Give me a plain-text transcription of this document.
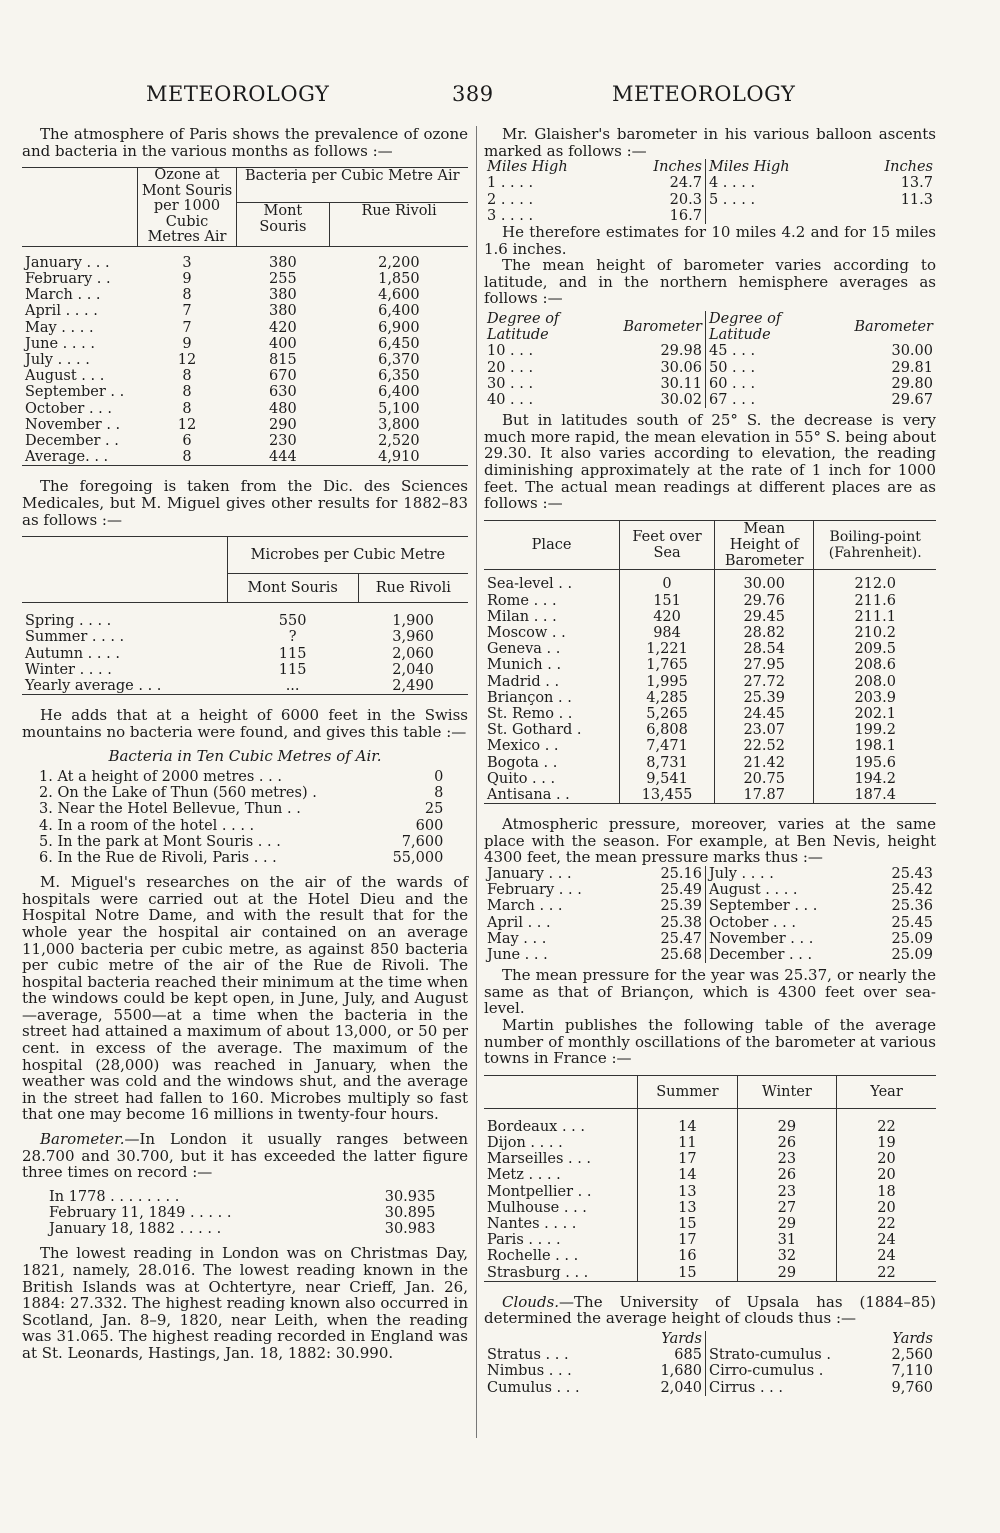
METEOROLOGY	389	METEOROLOGY

The atmosphere of Paris shows the prevalence of ozone and bacteria in the various months as follows :—

	Ozone at Mont Souris per 1000 Cubic Metres Air	Bacteria per Cubic Metre Air	
		Mont Souris	Rue Rivoli

January . . .	3	380	2,200
February . .	9	255	1,850
March . . .	8	380	4,600
April . . . .	7	380	6,400
May . . . .	7	420	6,900
June . . . .	9	400	6,450
July . . . .	12	815	6,370
August . . .	8	670	6,350
September . .	8	630	6,400
October . . .	8	480	5,100
November . .	12	290	3,800
December . .	6	230	2,520
Average. . .	8	444	4,910

The foregoing is taken from the Dic. des Sciences Medicales, but M. Miguel gives other results for 1882–83 as follows :—

	Microbes per Cubic Metre	
	Mont Souris	Rue Rivoli

Spring . . . .	550	1,900
Summer . . . .	?	3,960
Autumn . . . .	115	2,060
Winter . . . .	115	2,040
Yearly average . . .	...	2,490

He adds that at a height of 6000 feet in the Swiss mountains no bacteria were found, and gives this table :—

Bacteria in Ten Cubic Metres of Air.

1. At a height of 2000 metres . . .	0
2. On the Lake of Thun (560 metres) .	8
3. Near the Hotel Bellevue, Thun . .	25
4. In a room of the hotel . . . .	600
5. In the park at Mont Souris . . .	7,600
6. In the Rue de Rivoli, Paris . . .	55,000

M. Miguel's researches on the air of the wards of hospitals were carried out at the Hotel Dieu and the Hospital Notre Dame, and with the result that for the whole year the hospital air contained on an average 11,000 bacteria per cubic metre, as against 850 bacteria per cubic metre of the air of the Rue de Rivoli. The hospital bacteria reached their minimum at the time when the windows could be kept open, in June, July, and August—average, 5500—at a time when the bacteria in the street had attained a maximum of about 13,000, or 50 per cent. in excess of the average. The maximum of the hospital (28,000) was reached in January, when the weather was cold and the windows shut, and the average in the street had fallen to 160. Microbes multiply so fast that one may become 16 millions in twenty-four hours.

Barometer.—In London it usually ranges between 28.700 and 30.700, but it has exceeded the latter figure three times on record :—

In 1778 . . . . . . . .	30.935
February 11, 1849 . . . . .	30.895
January 18, 1882 . . . . .	30.983

The lowest reading in London was on Christmas Day, 1821, namely, 28.016. The lowest reading known in the British Islands was at Ochtertyre, near Crieff, Jan. 26, 1884: 27.332. The highest reading known also occurred in Scotland, Jan. 8–9, 1820, near Leith, when the reading was 31.065. The highest reading recorded in England was at St. Leonards, Hastings, Jan. 18, 1882: 30.990.

Mr. Glaisher's barometer in his various balloon ascents marked as follows :—

Miles High	Inches	Miles High	Inches
1 . . . .	24.7	4 . . . .	13.7
2 . . . .	20.3	5 . . . .	11.3
3 . . . .	16.7		

He therefore estimates for 10 miles 4.2 and for 15 miles 1.6 inches.

The mean height of barometer varies according to latitude, and in the northern hemisphere averages as follows :—

Degree of Latitude	Barometer	Degree of Latitude	Barometer
10 . . .	29.98	45 . . .	30.00
20 . . .	30.06	50 . . .	29.81
30 . . .	30.11	60 . . .	29.80
40 . . .	30.02	67 . . .	29.67

But in latitudes south of 25° S. the decrease is very much more rapid, the mean elevation in 55° S. being about 29.30. It also varies according to elevation, the reading diminishing approximately at the rate of 1 inch for 1000 feet. The actual mean readings at different places are as follows :—

Place	Feet over Sea	Mean Height of Barometer	Boiling-point (Fahrenheit).

Sea-level . .	0	30.00	212.0
Rome . . .	151	29.76	211.6
Milan . . .	420	29.45	211.1
Moscow . .	984	28.82	210.2
Geneva . .	1,221	28.54	209.5
Munich . .	1,765	27.95	208.6
Madrid . .	1,995	27.72	208.0
Briançon . .	4,285	25.39	203.9
St. Remo . .	5,265	24.45	202.1
St. Gothard .	6,808	23.07	199.2
Mexico . .	7,471	22.52	198.1
Bogota . .	8,731	21.42	195.6
Quito . . .	9,541	20.75	194.2
Antisana . .	13,455	17.87	187.4

Atmospheric pressure, moreover, varies at the same place with the season. For example, at Ben Nevis, height 4300 feet, the mean pressure marks thus :—

January . . .	25.16	July . . . .	25.43
February . . .	25.49	August . . . .	25.42
March . . .	25.39	September . . .	25.36
April . . .	25.38	October . . .	25.45
May . . .	25.47	November . . .	25.09
June . . .	25.68	December . . .	25.09

The mean pressure for the year was 25.37, or nearly the same as that of Briançon, which is 4300 feet over sea-level.

Martin publishes the following table of the average number of monthly oscillations of the barometer at various towns in France :—

	Summer	Winter	Year

Bordeaux . . .	14	29	22
Dijon . . . .	11	26	19
Marseilles . . .	17	23	20
Metz . . . .	14	26	20
Montpellier . .	13	23	18
Mulhouse . . .	13	27	20
Nantes . . . .	15	29	22
Paris . . . .	17	31	24
Rochelle . . .	16	32	24
Strasburg . . .	15	29	22

Clouds.—The University of Upsala has (1884–85) determined the average height of clouds thus :—

	Yards		Yards
Stratus . . .	685	Strato-cumulus .	2,560
Nimbus . . .	1,680	Cirro-cumulus .	7,110
Cumulus . . .	2,040	Cirrus . . .	9,760
